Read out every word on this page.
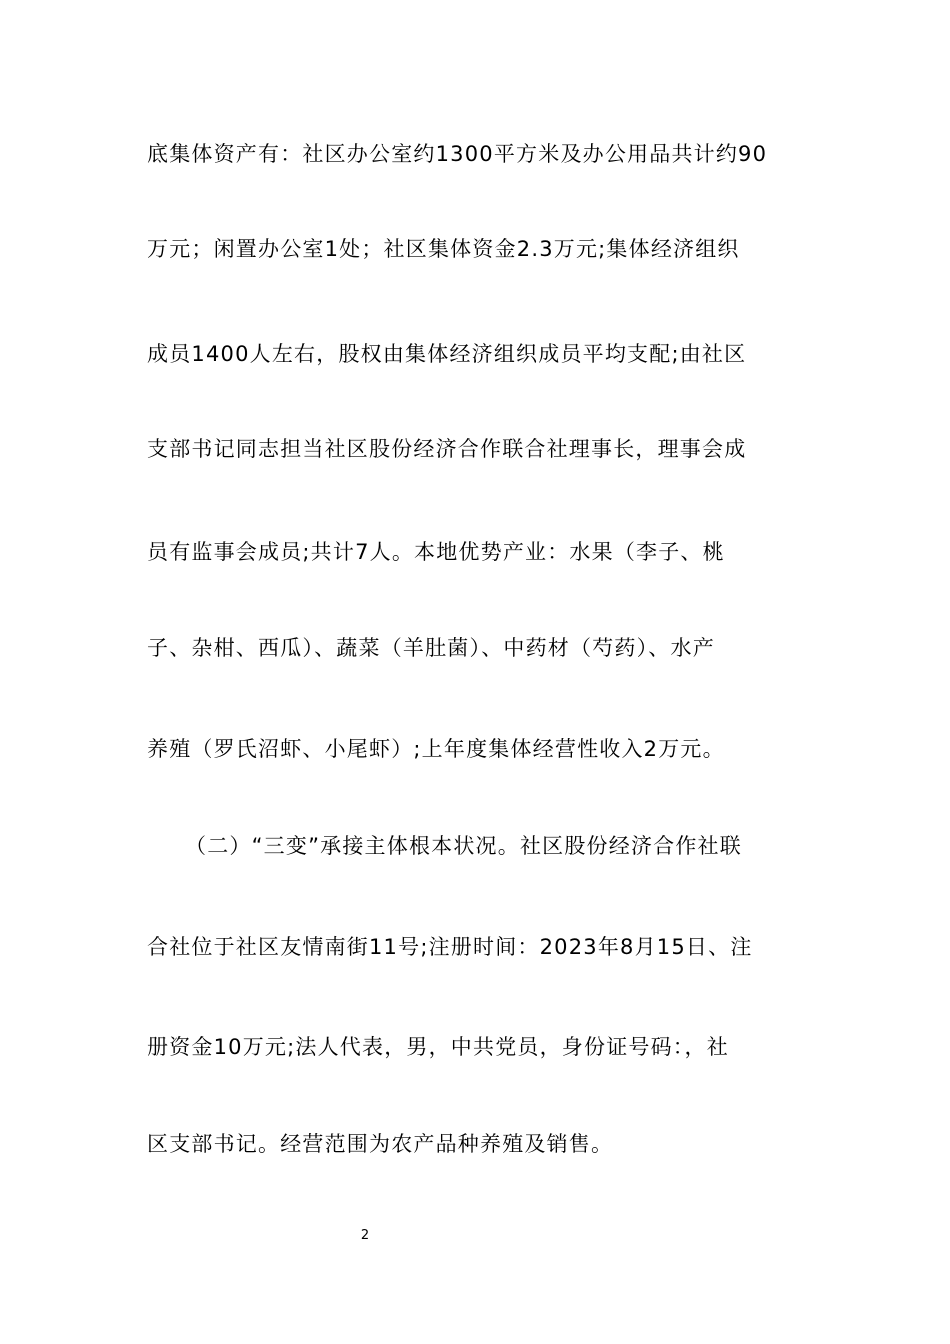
底集体资产有：社区办公室约1300平方米及办公用品共计约90
万元；闲置办公室1处；社区集体资金2.3万元;集体经济组织
成员1400人左右，股权由集体经济组织成员平均支配;由社区
支部书记同志担当社区股份经济合作联合社理事长，理事会成
员有监事会成员;共计7人。本地优势产业：水果（李子、桃
子、杂柑、西瓜）、蔬菜（羊肚菌）、中药材（芍药）、水产
养殖（罗氏沼虾、小尾虾）;上年度集体经营性收入2万元。
（二）“三变”承接主体根本状况。社区股份经济合作社联
合社位于社区友情南街11号;注册时间：2023年8月15日、注
册资金10万元;法人代表，男，中共党员，身份证号码：，社
区支部书记。经营范围为农产品种养殖及销售。
2
